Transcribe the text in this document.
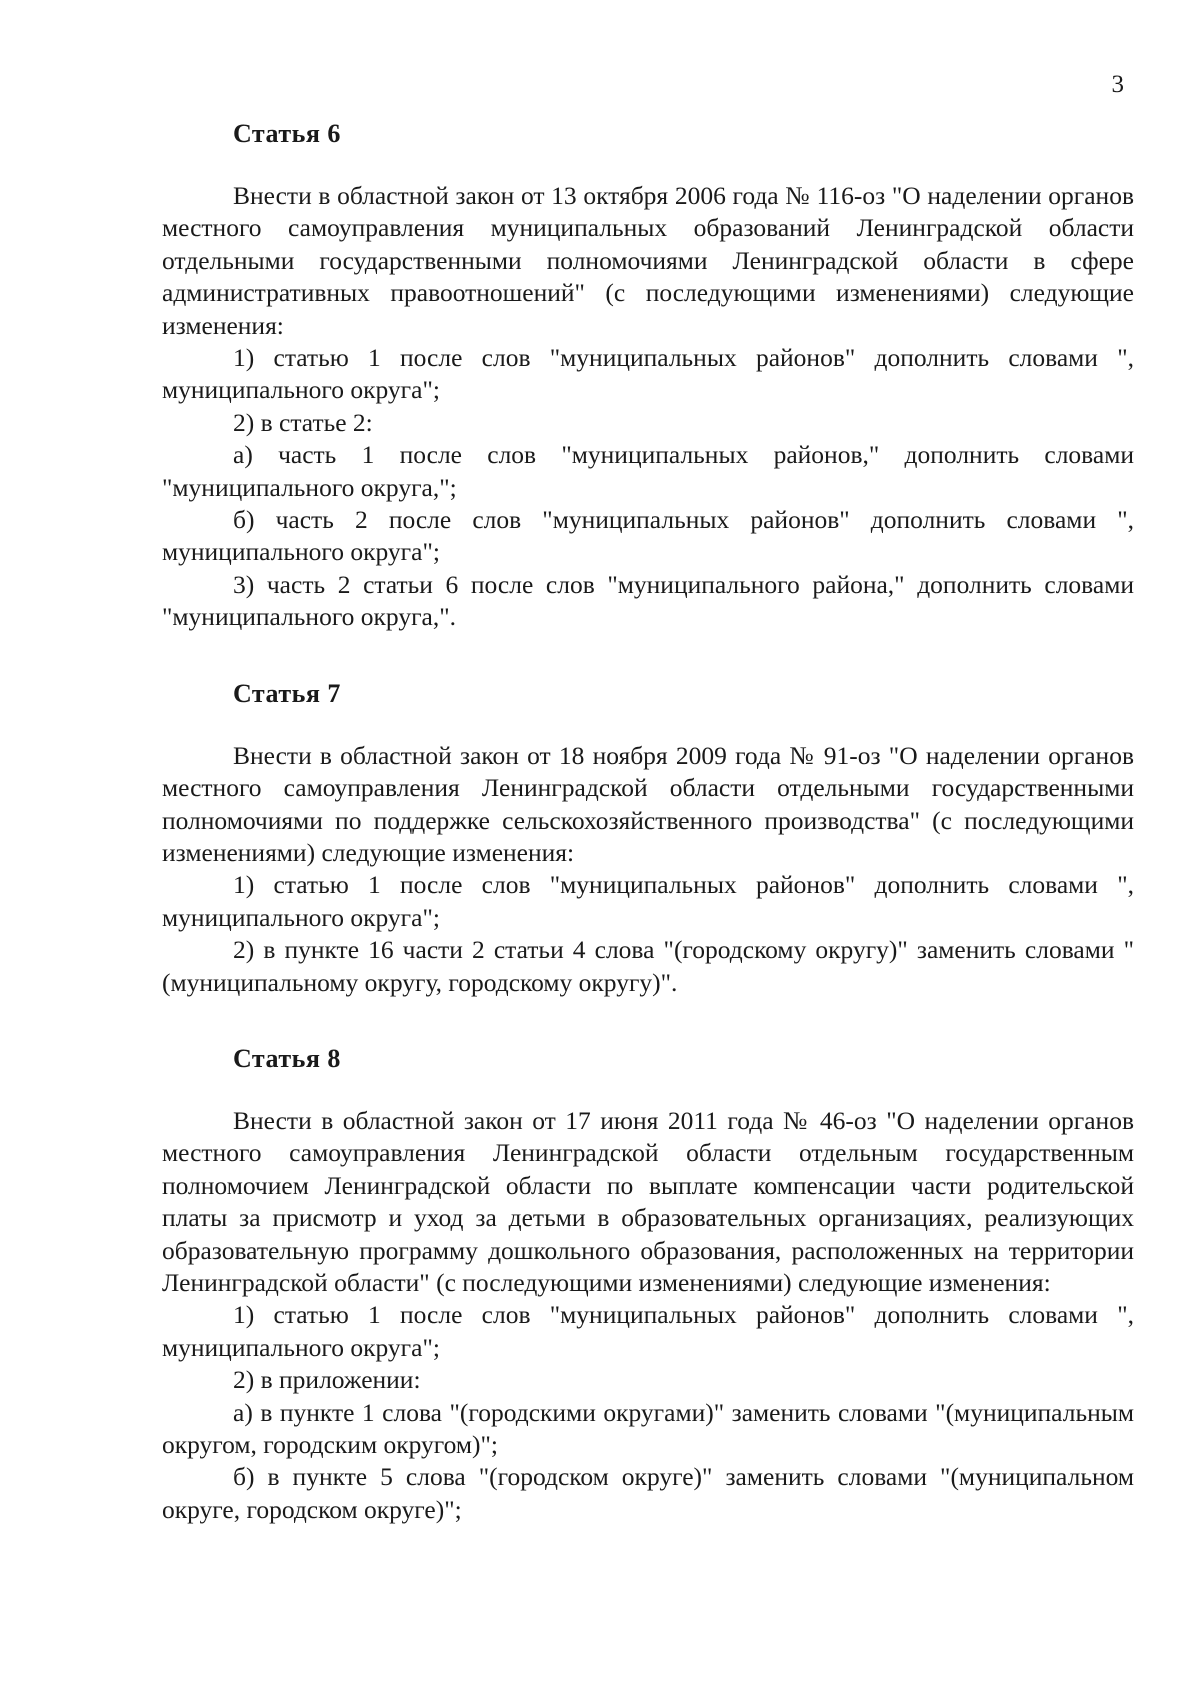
3
Статья 6

Внести в областной закон от 13 октября 2006 года № 116-оз "О наделении органов местного самоуправления муниципальных образований Ленинградской области отдельными государственными полномочиями Ленинградской области в сфере административных правоотношений" (с последующими изменениями) следующие изменения:

1) статью 1 после слов "муниципальных районов" дополнить словами ", муниципального округа";

2) в статье 2:

а) часть 1 после слов "муниципальных районов," дополнить словами "муниципального округа,";

б) часть 2 после слов "муниципальных районов" дополнить словами ", муниципального округа";

3) часть 2 статьи 6 после слов "муниципального района," дополнить словами "муниципального округа,".

Статья 7

Внести в областной закон от 18 ноября 2009 года № 91-оз "О наделении органов местного самоуправления Ленинградской области отдельными государственными полномочиями по поддержке сельскохозяйственного производства" (с последующими изменениями) следующие изменения:

1) статью 1 после слов "муниципальных районов" дополнить словами ", муниципального округа";

2) в пункте 16 части 2 статьи 4 слова "(городскому округу)" заменить словами "(муниципальному округу, городскому округу)".

Статья 8

Внести в областной закон от 17 июня 2011 года № 46-оз "О наделении органов местного самоуправления Ленинградской области отдельным государственным полномочием Ленинградской области по выплате компенсации части родительской платы за присмотр и уход за детьми в образовательных организациях, реализующих образовательную программу дошкольного образования, расположенных на территории Ленинградской области" (с последующими изменениями) следующие изменения:

1) статью 1 после слов "муниципальных районов" дополнить словами ", муниципального округа";

2) в приложении:

а) в пункте 1 слова "(городскими округами)" заменить словами "(муниципальным округом, городским округом)";

б) в пункте 5 слова "(городском округе)" заменить словами "(муниципальном округе, городском округе)";
